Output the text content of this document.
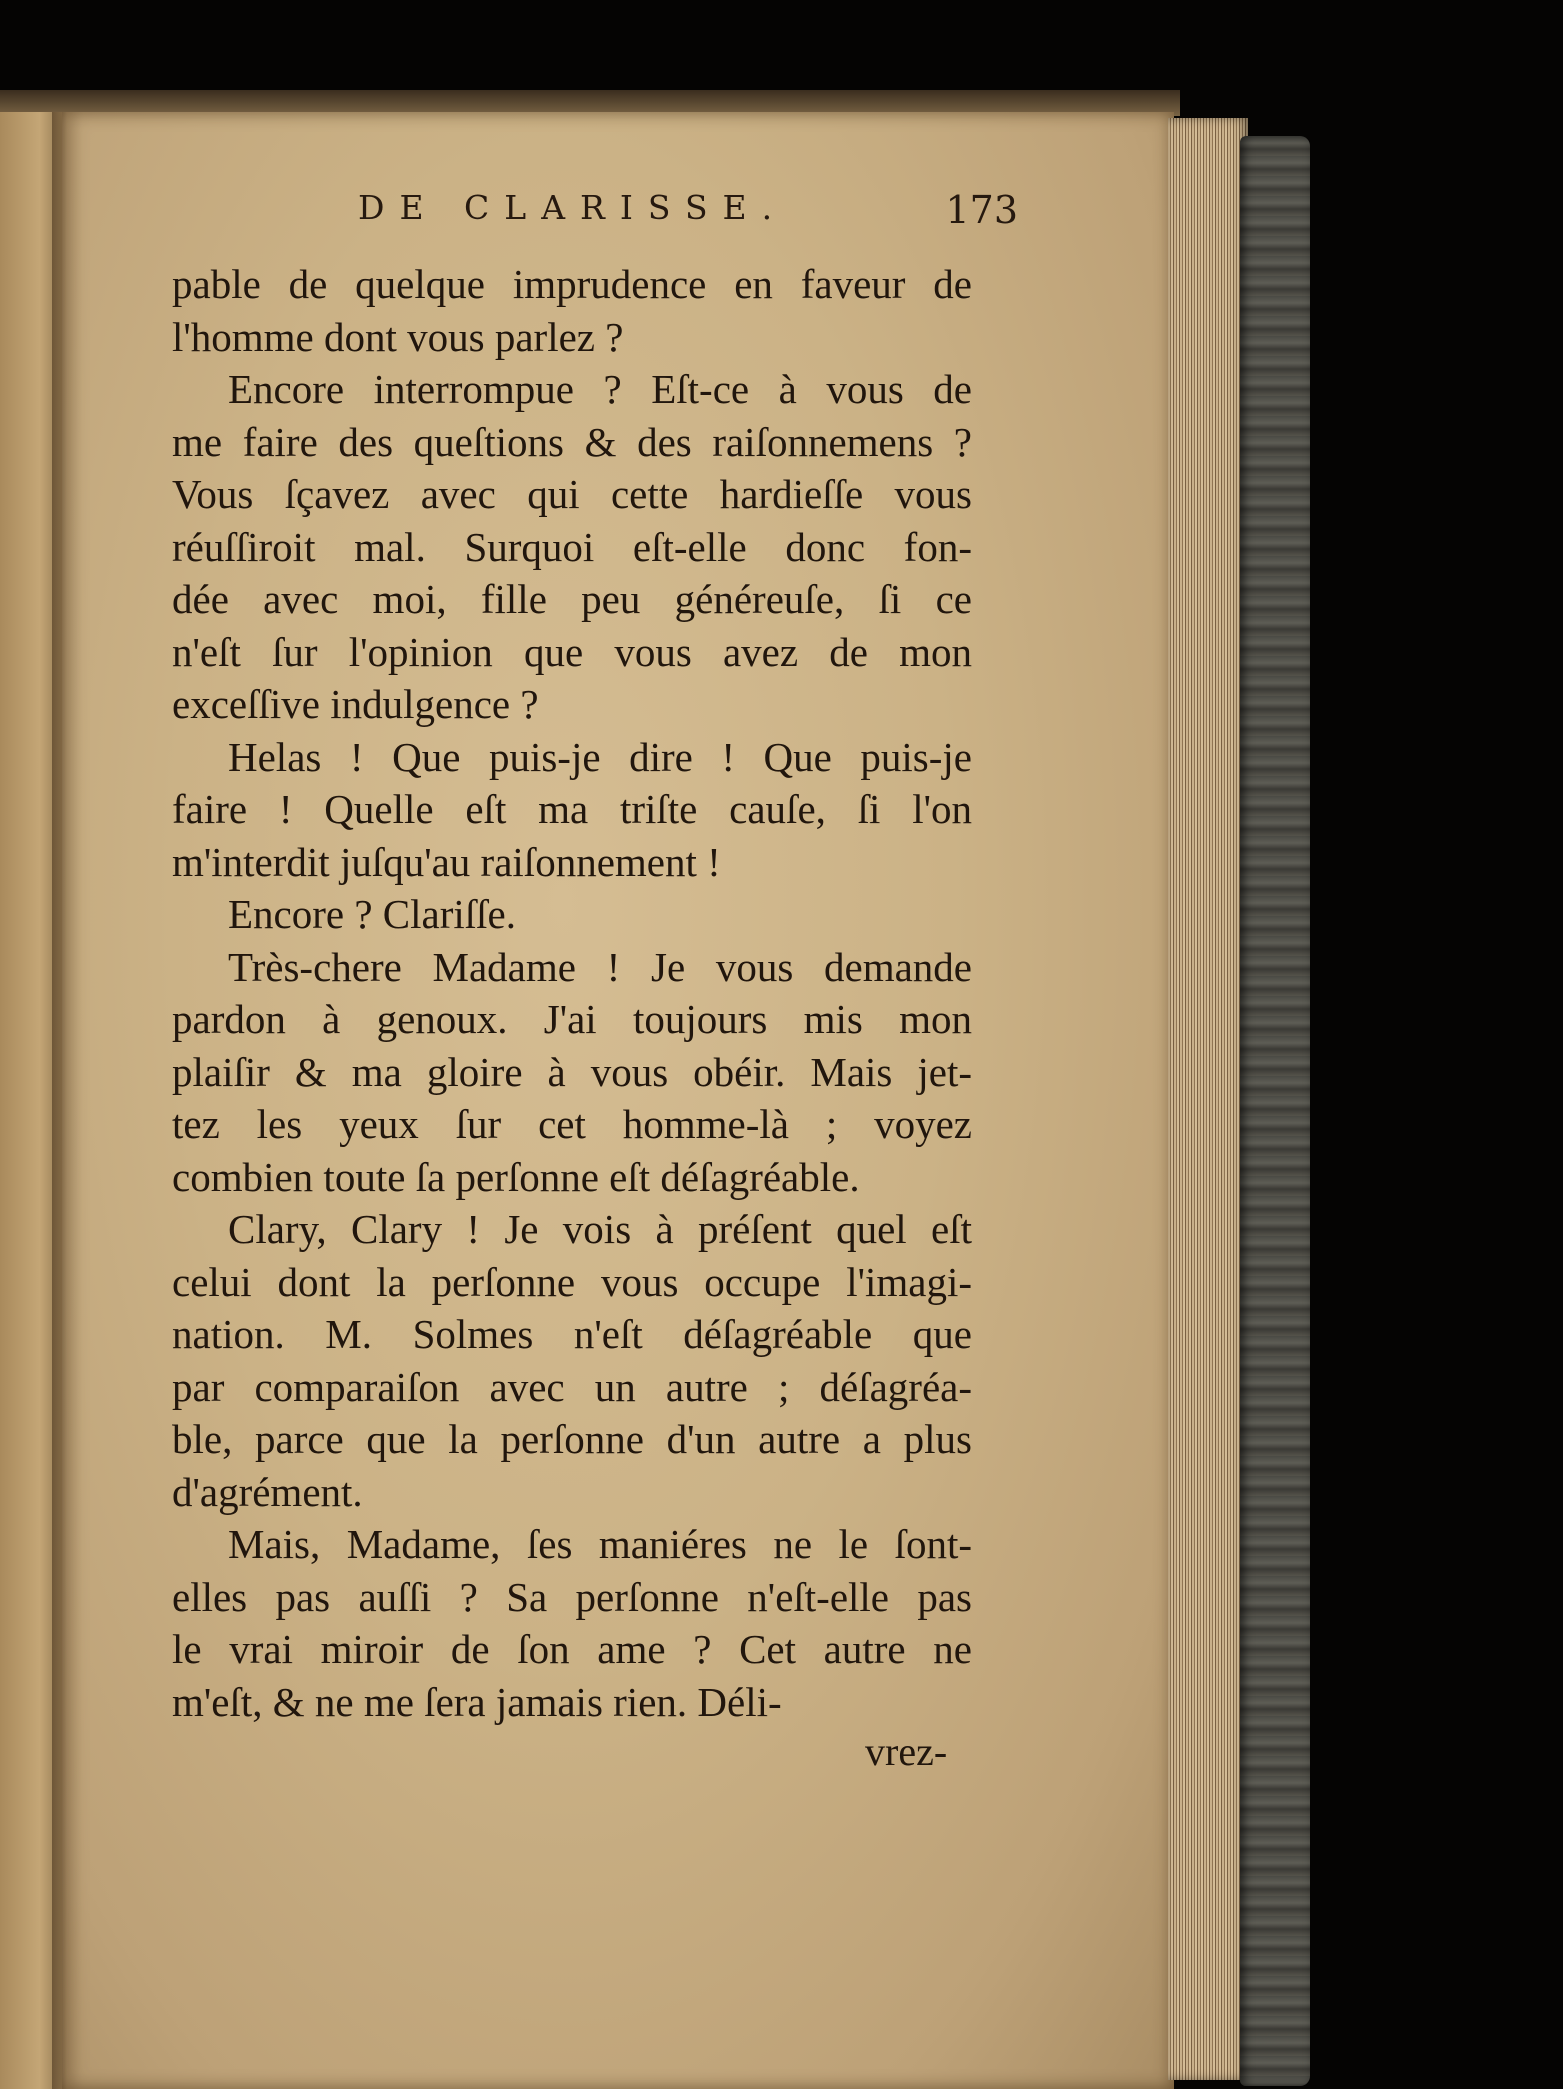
DE CLARISSE.	173
pable de quelque imprudence en faveur de
l'homme dont vous parlez ?
Encore interrompue ? Eſt-ce à vous de
me faire des queſtions & des raiſonnemens ?
Vous ſçavez avec qui cette hardieſſe vous
réuſſiroit mal. Surquoi eſt-elle donc fon-
dée avec moi, fille peu généreuſe, ſi ce
n'eſt ſur l'opinion que vous avez de mon
exceſſive indulgence ?
Helas ! Que puis-je dire ! Que puis-je
faire ! Quelle eſt ma triſte cauſe, ſi l'on
m'interdit juſqu'au raiſonnement !
Encore ? Clariſſe.
Très-chere Madame ! Je vous demande
pardon à genoux. J'ai toujours mis mon
plaiſir & ma gloire à vous obéir. Mais jet-
tez les yeux ſur cet homme-là ; voyez
combien toute ſa perſonne eſt déſagréable.
Clary, Clary ! Je vois à préſent quel eſt
celui dont la perſonne vous occupe l'imagi-
nation. M. Solmes n'eſt déſagréable que
par comparaiſon avec un autre ; déſagréa-
ble, parce que la perſonne d'un autre a plus
d'agrément.
Mais, Madame, ſes maniéres ne le ſont-
elles pas auſſi ? Sa perſonne n'eſt-elle pas
le vrai miroir de ſon ame ? Cet autre ne
m'eſt, & ne me ſera jamais rien. Déli-
vrez-
